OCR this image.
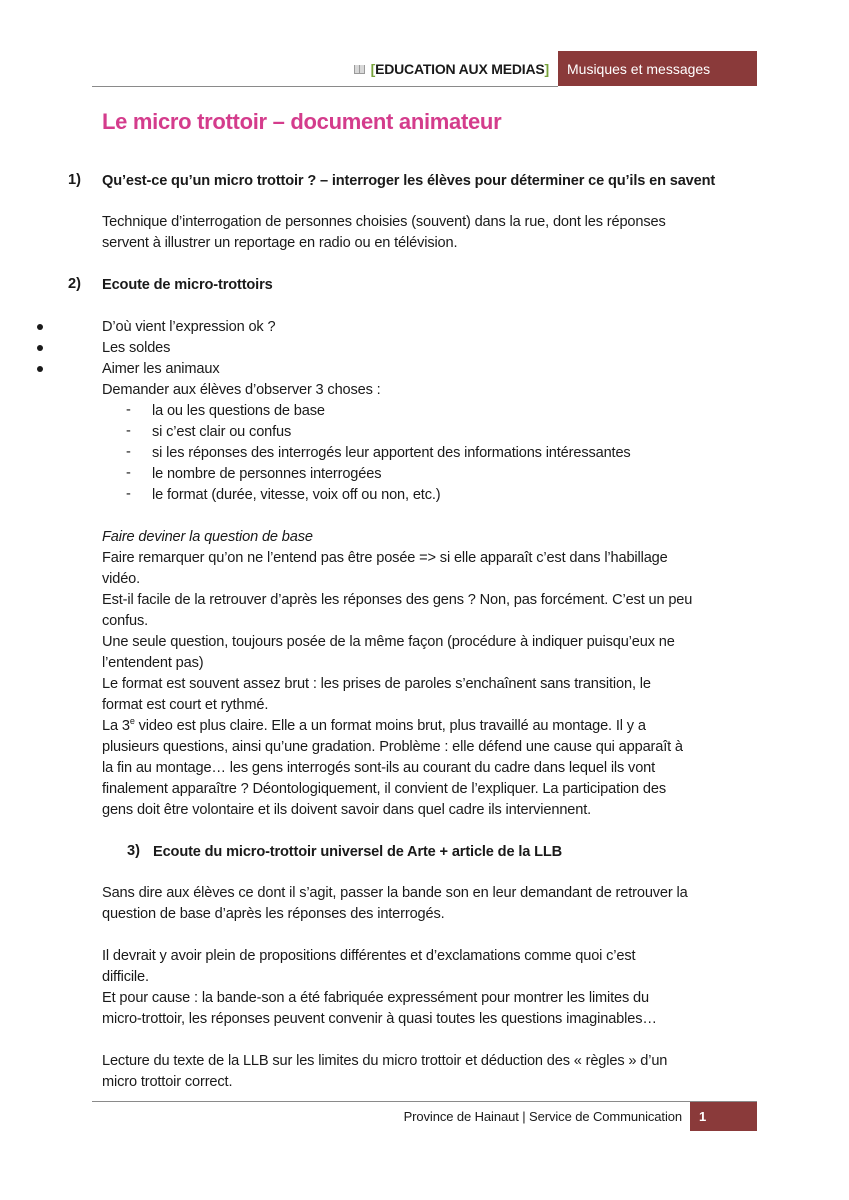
[ EDUCATION AUX MEDIAS ] Musiques et messages
Le micro trottoir – document animateur
1) Qu’est-ce qu’un micro trottoir ? – interroger les élèves pour déterminer ce qu’ils en savent
Technique d’interrogation de personnes choisies (souvent) dans la rue, dont les réponses
servent à illustrer un reportage en radio ou en télévision.
2) Ecoute de micro-trottoirs
D’où vient l’expression ok ?
Les soldes
Aimer les animaux
Demander aux élèves d’observer 3 choses :
- la ou les questions de base
- si c’est clair ou confus
- si les réponses des interrogés leur apportent des informations intéressantes
- le nombre de personnes interrogées
- le format (durée, vitesse, voix off ou non, etc.)
Faire deviner la question de base
Faire remarquer qu’on ne l’entend pas être posée => si elle apparaît c’est dans l’habillage
vidéo.
Est-il facile de la retrouver d’après les réponses des gens ? Non, pas forcément. C’est un peu
confus.
Une seule question, toujours posée de la même façon (procédure à indiquer puisqu’eux ne
l’entendent pas)
Le format est souvent assez brut : les prises de paroles s’enchaînent sans transition, le
format est court et rythmé.
La 3e video est plus claire. Elle a un format moins brut, plus travaillé au montage. Il y a
plusieurs questions, ainsi qu’une gradation. Problème : elle défend une cause qui apparaît à
la fin au montage… les gens interrogés sont-ils au courant du cadre dans lequel ils vont
finalement apparaître ? Déontologiquement, il convient de l’expliquer. La participation des
gens doit être volontaire et ils doivent savoir dans quel cadre ils interviennent.
3) Ecoute du micro-trottoir universel de Arte + article de la LLB
Sans dire aux élèves ce dont il s’agit, passer la bande son en leur demandant de retrouver la
question de base d’après les réponses des interrogés.
Il devrait y avoir plein de propositions différentes et d’exclamations comme quoi c’est
difficile.
Et pour cause : la bande-son a été fabriquée expressément pour montrer les limites du
micro-trottoir, les réponses peuvent convenir à quasi toutes les questions imaginables…
Lecture du texte de la LLB sur les limites du micro trottoir et déduction des « règles » d’un
micro trottoir correct.
Province de Hainaut | Service de Communication 1
